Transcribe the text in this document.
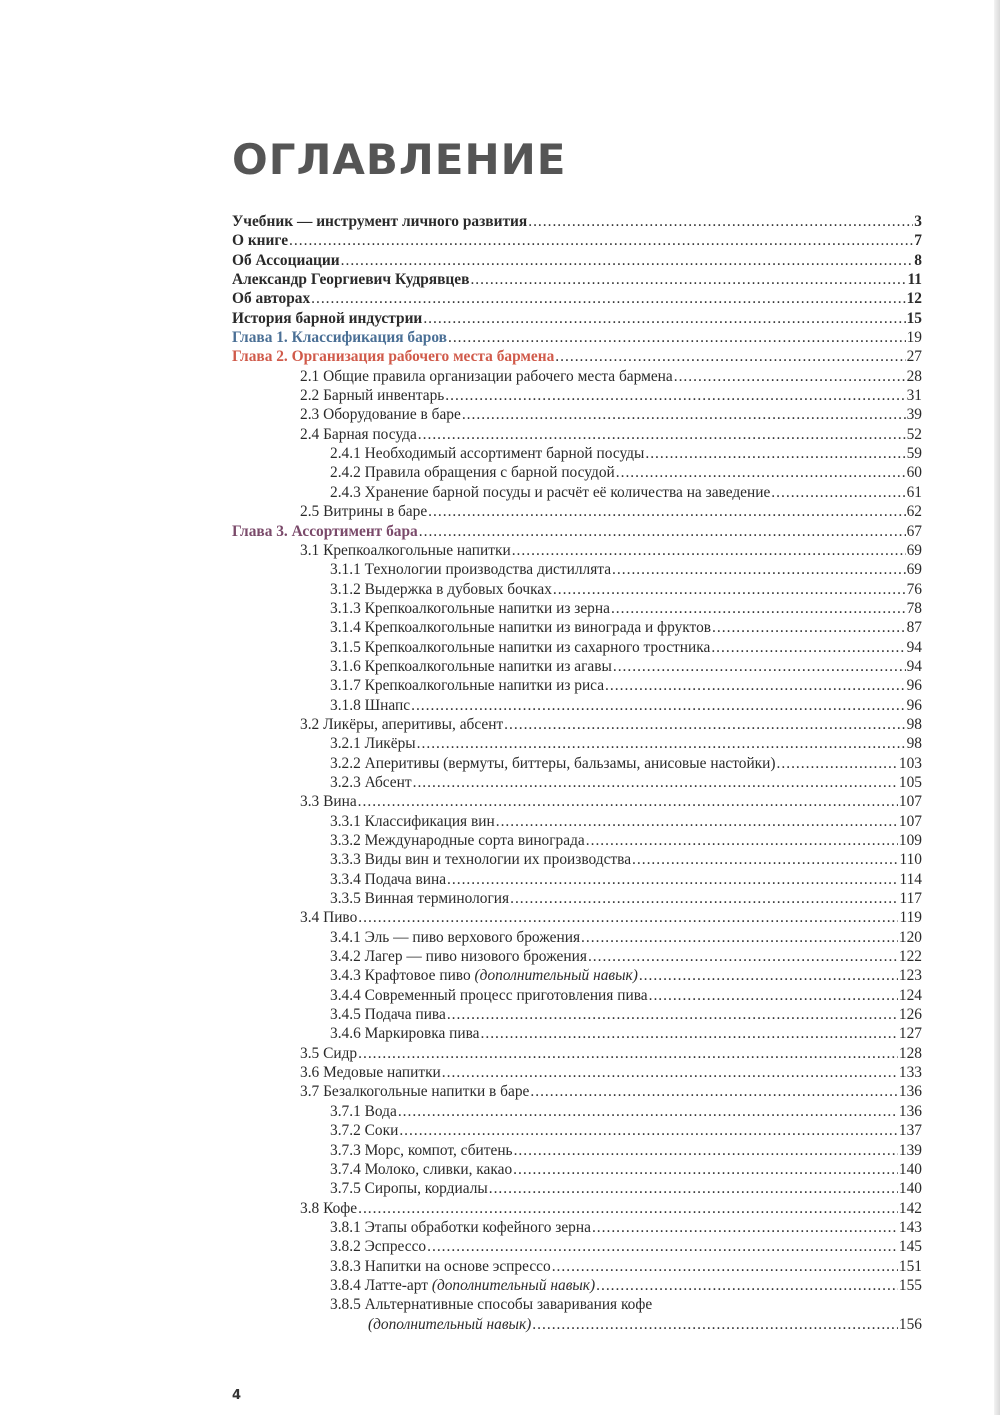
ОГЛАВЛЕНИЕ
Учебник — инструмент личного развития .....	3
О книге .....	7
Об Ассоциации .....	8
Александр Георгиевич Кудрявцев .....	11
Об авторах .....	12
История барной индустрии .....	15
Глава 1. Классификация баров .....	19
Глава 2. Организация рабочего места бармена .....	27
2.1 Общие правила организации рабочего места бармена .....	28
2.2 Барный инвентарь .....	31
2.3 Оборудование в баре .....	39
2.4 Барная посуда .....	52
2.4.1 Необходимый ассортимент барной посуды .....	59
2.4.2 Правила обращения с барной посудой .....	60
2.4.3 Хранение барной посуды и расчёт её количества на заведение .....	61
2.5 Витрины в баре .....	62
Глава 3. Ассортимент бара .....	67
3.1 Крепкоалкогольные напитки .....	69
3.1.1 Технологии производства дистиллята .....	69
3.1.2 Выдержка в дубовых бочках .....	76
3.1.3 Крепкоалкогольные напитки из зерна .....	78
3.1.4 Крепкоалкогольные напитки из винограда и фруктов .....	87
3.1.5 Крепкоалкогольные напитки из сахарного тростника .....	94
3.1.6 Крепкоалкогольные напитки из агавы .....	94
3.1.7 Крепкоалкогольные напитки из риса .....	96
3.1.8 Шнапс .....	96
3.2 Ликёры, аперитивы, абсент .....	98
3.2.1 Ликёры .....	98
3.2.2 Аперитивы (вермуты, биттеры, бальзамы, анисовые настойки) .....	103
3.2.3 Абсент .....	105
3.3 Вина .....	107
3.3.1 Классификация вин .....	107
3.3.2 Международные сорта винограда .....	109
3.3.3 Виды вин и технологии их производства .....	110
3.3.4 Подача вина .....	114
3.3.5 Винная терминология .....	117
3.4 Пиво .....	119
3.4.1 Эль — пиво верхового брожения .....	120
3.4.2 Лагер — пиво низового брожения .....	122
3.4.3 Крафтовое пиво (дополнительный навык) .....	123
3.4.4 Современный процесс приготовления пива .....	124
3.4.5 Подача пива .....	126
3.4.6 Маркировка пива .....	127
3.5 Сидр .....	128
3.6 Медовые напитки .....	133
3.7 Безалкогольные напитки в баре .....	136
3.7.1 Вода .....	136
3.7.2 Соки .....	137
3.7.3 Морс, компот, сбитень .....	139
3.7.4 Молоко, сливки, какао .....	140
3.7.5 Сиропы, кордиалы .....	140
3.8 Кофе .....	142
3.8.1 Этапы обработки кофейного зерна .....	143
3.8.2 Эспрессо .....	145
3.8.3 Напитки на основе эспрессо .....	151
3.8.4 Латте-арт (дополнительный навык) .....	155
3.8.5 Альтернативные способы заваривания кофе
(дополнительный навык) .....	156
4
